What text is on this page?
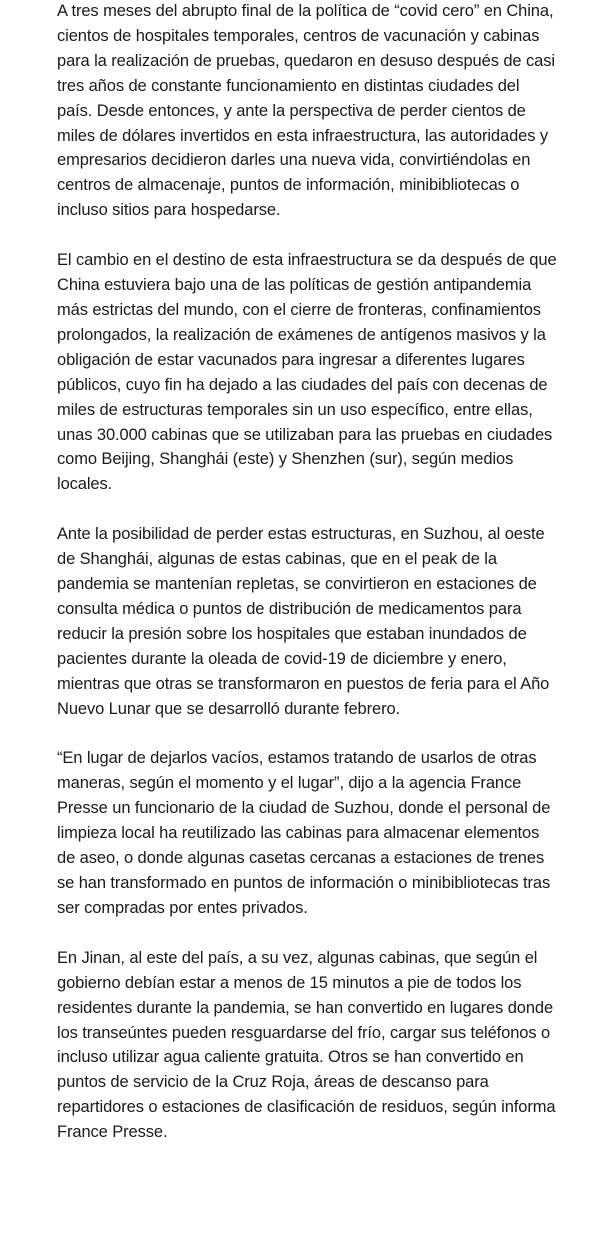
A tres meses del abrupto final de la política de “covid cero” en China, cientos de hospitales temporales, centros de vacunación y cabinas para la realización de pruebas, quedaron en desuso después de casi tres años de constante funcionamiento en distintas ciudades del país. Desde entonces, y ante la perspectiva de perder cientos de miles de dólares invertidos en esta infraestructura, las autoridades y empresarios decidieron darles una nueva vida, convirtiéndolas en centros de almacenaje, puntos de información, minibibliotecas o incluso sitios para hospedarse.

El cambio en el destino de esta infraestructura se da después de que China estuviera bajo una de las políticas de gestión antipandemia más estrictas del mundo, con el cierre de fronteras, confinamientos prolongados, la realización de exámenes de antígenos masivos y la obligación de estar vacunados para ingresar a diferentes lugares públicos, cuyo fin ha dejado a las ciudades del país con decenas de miles de estructuras temporales sin un uso específico, entre ellas, unas 30.000 cabinas que se utilizaban para las pruebas en ciudades como Beijing, Shanghái (este) y Shenzhen (sur), según medios locales.

Ante la posibilidad de perder estas estructuras, en Suzhou, al oeste de Shanghái, algunas de estas cabinas, que en el peak de la pandemia se mantenían repletas, se convirtieron en estaciones de consulta médica o puntos de distribución de medicamentos para reducir la presión sobre los hospitales que estaban inundados de pacientes durante la oleada de covid-19 de diciembre y enero, mientras que otras se transformaron en puestos de feria para el Año Nuevo Lunar que se desarrolló durante febrero.

“En lugar de dejarlos vacíos, estamos tratando de usarlos de otras maneras, según el momento y el lugar”, dijo a la agencia France Presse un funcionario de la ciudad de Suzhou, donde el personal de limpieza local ha reutilizado las cabinas para almacenar elementos de aseo, o donde algunas casetas cercanas a estaciones de trenes se han transformado en puntos de información o minibibliotecas tras ser compradas por entes privados.

En Jinan, al este del país, a su vez, algunas cabinas, que según el gobierno debían estar a menos de 15 minutos a pie de todos los residentes durante la pandemia, se han convertido en lugares donde los transeúntes pueden resguardarse del frío, cargar sus teléfonos o incluso utilizar agua caliente gratuita. Otros se han convertido en puntos de servicio de la Cruz Roja, áreas de descanso para repartidores o estaciones de clasificación de residuos, según informa France Presse.
